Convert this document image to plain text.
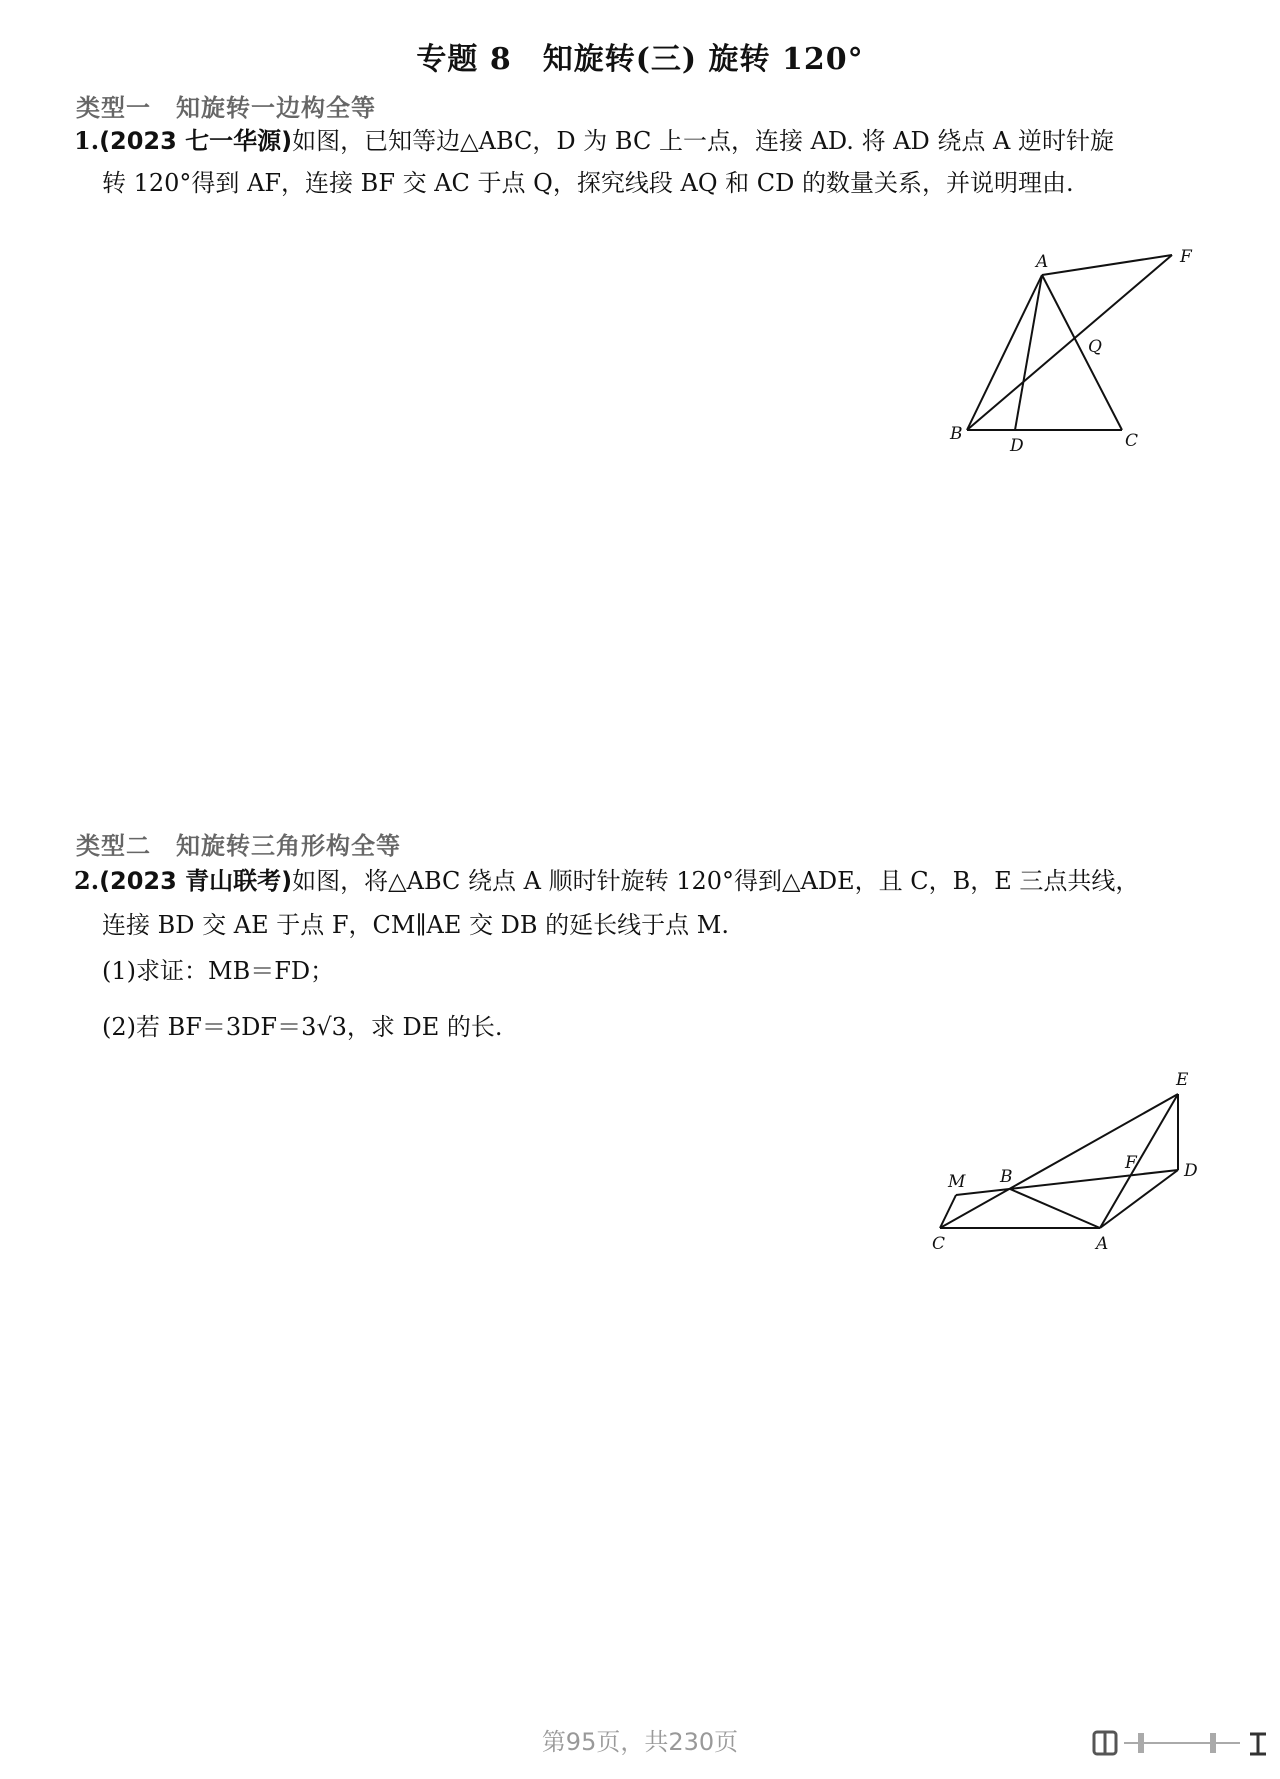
专题 8　知旋转(三) 旋转 120°
类型一　知旋转一边构全等
1.(2023 七一华源)如图，已知等边△ABC，D 为 BC 上一点，连接 AD. 将 AD 绕点 A 逆时针旋
转 120°得到 AF，连接 BF 交 AC 于点 Q，探究线段 AQ 和 CD 的数量关系，并说明理由.
A
B	C
D
F
Q
类型二　知旋转三角形构全等
2.(2023 青山联考)如图，将△ABC 绕点 A 顺时针旋转 120°得到△ADE，且 C，B，E 三点共线，
连接 BD 交 AE 于点 F，CM∥AE 交 DB 的延长线于点 M.
(1)求证：MB＝FD；
(2)若 BF＝3DF＝3√3，求 DE 的长.
E
F	D
M B
C	A
第95页，共230页
